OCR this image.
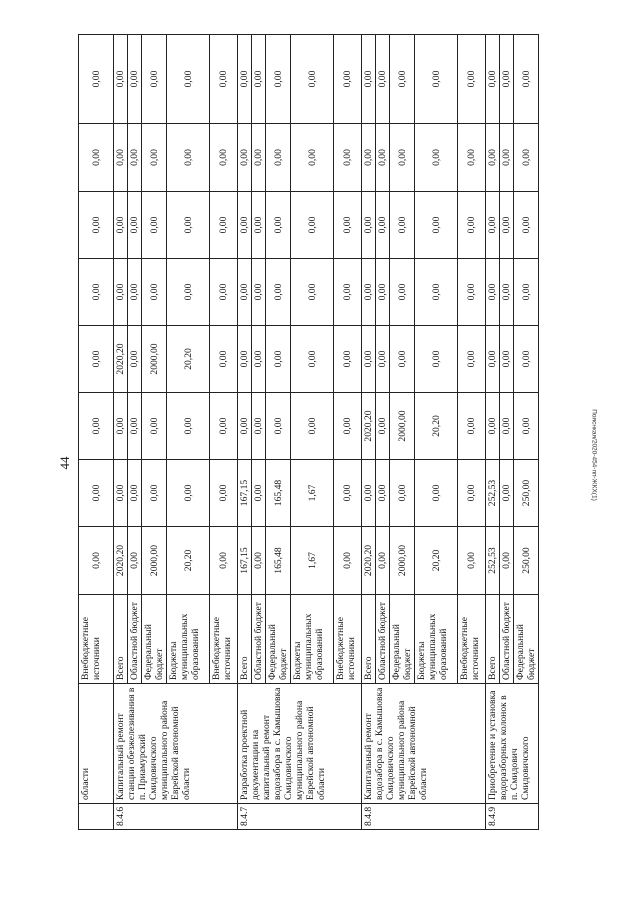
44	Пояснкая/2020-454-пп-ЖКХ(1)
	области	Внебюджетные источники	0,00	0,00	0,00	0,00	0,00	0,00	0,00	0,00
8.4.6	Капитальный ремонт станции обезжелезивания в п. Приамурский Смидовичского муниципального района Еврейской автономной области	Всего	2020,20	0,00	0,00	2020,20	0,00	0,00	0,00	0,00
		Областной бюджет	0,00	0,00	0,00	0,00	0,00	0,00	0,00	0,00
		Федеральный бюджет	2000,00	0,00	0,00	2000,00	0,00	0,00	0,00	0,00
		Бюджеты муниципальных образований	20,20	0,00	0,00	20,20	0,00	0,00	0,00	0,00
		Внебюджетные источники	0,00	0,00	0,00	0,00	0,00	0,00	0,00	0,00
8.4.7	Разработка проектной документации на капитальный ремонт водозабора в с. Камышовка Смидовичского муниципального района Еврейской автономной области	Всего	167,15	167,15	0,00	0,00	0,00	0,00	0,00	0,00
		Областной бюджет	0,00	0,00	0,00	0,00	0,00	0,00	0,00	0,00
		Федеральный бюджет	165,48	165,48	0,00	0,00	0,00	0,00	0,00	0,00
		Бюджеты муниципальных образований	1,67	1,67	0,00	0,00	0,00	0,00	0,00	0,00
		Внебюджетные источники	0,00	0,00	0,00	0,00	0,00	0,00	0,00	0,00
8.4.8	Капитальный ремонт водозабора в с. Камышовка Смидовичского муниципального района Еврейской автономной области	Всего	2020,20	0,00	2020,20	0,00	0,00	0,00	0,00	0,00
		Областной бюджет	0,00	0,00	0,00	0,00	0,00	0,00	0,00	0,00
		Федеральный бюджет	2000,00	0,00	2000,00	0,00	0,00	0,00	0,00	0,00
		Бюджеты муниципальных образований	20,20	0,00	20,20	0,00	0,00	0,00	0,00	0,00
		Внебюджетные источники	0,00	0,00	0,00	0,00	0,00	0,00	0,00	0,00
8.4.9	Приобретение и установка водоразборных колонок в п. Смидович Смидовичского	Всего	252,53	252,53	0,00	0,00	0,00	0,00	0,00	0,00
		Областной бюджет	0,00	0,00	0,00	0,00	0,00	0,00	0,00	0,00
		Федеральный бюджет	250,00	250,00	0,00	0,00	0,00	0,00	0,00	0,00
